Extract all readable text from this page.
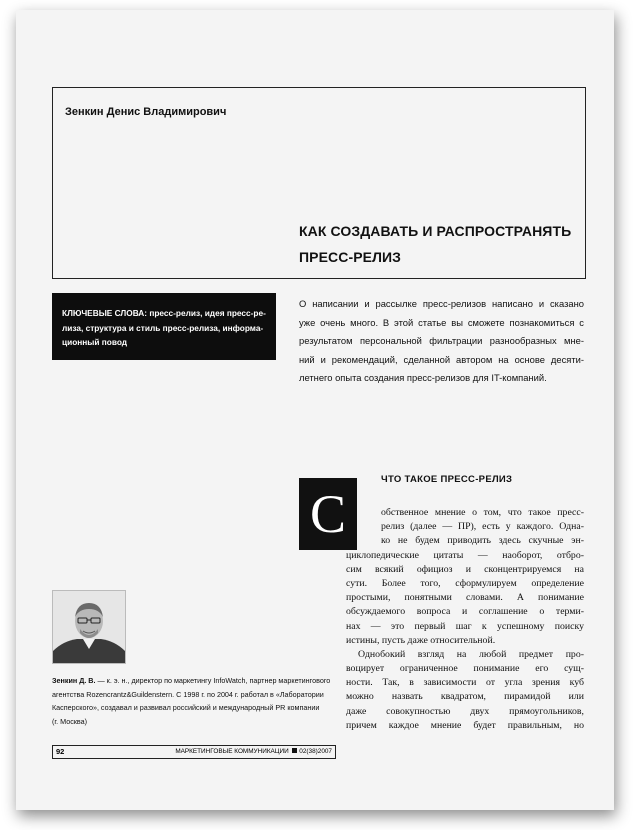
Зенкин Денис Владимирович
КАК СОЗДАВАТЬ И РАСПРОСТРАНЯТЬ
ПРЕСС-РЕЛИЗ
КЛЮЧЕВЫЕ СЛОВА: пресс-релиз, идея пресс-ре-
лиза, структура и стиль пресс-релиза, информа-
ционный повод
О написании и рассылке пресс-релизов написано и сказано
уже очень много. В этой статье вы сможете познакомиться с
результатом персональной фильтрации разнообразных мне-
ний и рекомендаций, сделанной автором на основе десяти-
летнего опыта создания пресс-релизов для IT-компаний.
С
ЧТО ТАКОЕ ПРЕСС-РЕЛИЗ
обственное мнение о том, что такое пресс-
релиз (далее — ПР), есть у каждого. Одна-
ко не будем приводить здесь скучные эн-
циклопедические цитаты — наоборот, отбро-
сим всякий официоз и сконцентрируемся на
сути. Более того, сформулируем определение
простыми, понятными словами. А понимание
обсуждаемого вопроса и соглашение о терми-
нах — это первый шаг к успешному поиску
истины, пусть даже относительной.
Однобокий взгляд на любой предмет про-
воцирует ограниченное понимание его сущ-
ности. Так, в зависимости от угла зрения куб
можно назвать квадратом, пирамидой или
даже совокупностью двух прямоугольников,
причем каждое мнение будет правильным, но
Зенкин Д. В. — к. э. н., директор по маркетингу InfoWatch, партнер маркетингового
агентства Rozencrantz&Guildenstern. С 1998 г. по 2004 г. работал в «Лаборатории
Касперского», создавал и развивал российский и международный PR компании
(г. Москва)
92	МАРКЕТИНГОВЫЕ КОММУНИКАЦИИ 02(38)2007
